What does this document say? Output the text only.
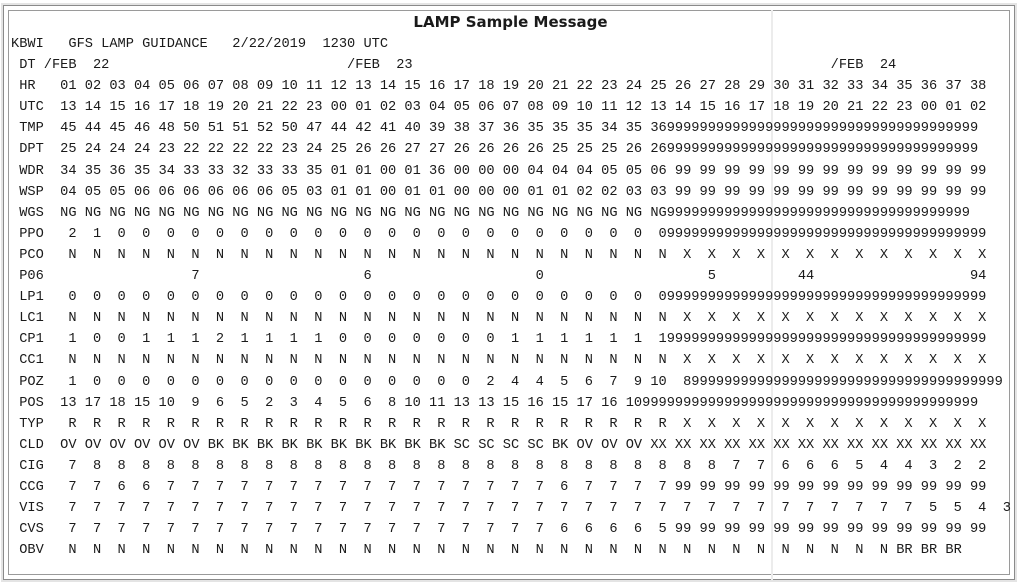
LAMP Sample Message
KBWI   GFS LAMP GUIDANCE   2/22/2019  1230 UTC
DT /FEB  22                             /FEB  23                                                   /FEB  24
HR   01 02 03 04 05 06 07 08 09 10 11 12 13 14 15 16 17 18 19 20 21 22 23 24 25 26 27 28 29 30 31 32 33 34 35 36 37 38
UTC  13 14 15 16 17 18 19 20 21 22 23 00 01 02 03 04 05 06 07 08 09 10 11 12 13 14 15 16 17 18 19 20 21 22 23 00 01 02
TMP  45 44 45 46 48 50 51 51 52 50 47 44 42 41 40 39 38 37 36 35 35 35 34 35 3699999999999999999999999999999999999999
DPT  25 24 24 24 23 22 22 22 22 23 24 25 26 26 27 27 26 26 26 26 25 25 25 26 2699999999999999999999999999999999999999
WDR  34 35 36 35 34 33 33 32 33 33 35 01 01 00 01 36 00 00 00 04 04 04 05 05 06 99 99 99 99 99 99 99 99 99 99 99 99 99
WSP  04 05 05 06 06 06 06 06 06 05 03 01 01 00 01 01 00 00 00 01 01 02 02 03 03 99 99 99 99 99 99 99 99 99 99 99 99 99
WGS  NG NG NG NG NG NG NG NG NG NG NG NG NG NG NG NG NG NG NG NG NG NG NG NG NG9999999999999999999999999999999999999
PPO   2  1  0  0  0  0  0  0  0  0  0  0  0  0  0  0  0  0  0  0  0  0  0  0  0999999999999999999999999999999999999999
PCO   N  N  N  N  N  N  N  N  N  N  N  N  N  N  N  N  N  N  N  N  N  N  N  N  N  X  X  X  X  X  X  X  X  X  X  X  X  X
P06                  7                    6                    0                    5          44                   94
LP1   0  0  0  0  0  0  0  0  0  0  0  0  0  0  0  0  0  0  0  0  0  0  0  0  0999999999999999999999999999999999999999
LC1   N  N  N  N  N  N  N  N  N  N  N  N  N  N  N  N  N  N  N  N  N  N  N  N  N  X  X  X  X  X  X  X  X  X  X  X  X  X
CP1   1  0  0  1  1  1  2  1  1  1  1  0  0  0  0  0  0  0  1  1  1  1  1  1  1999999999999999999999999999999999999999
CC1   N  N  N  N  N  N  N  N  N  N  N  N  N  N  N  N  N  N  N  N  N  N  N  N  N  X  X  X  X  X  X  X  X  X  X  X  X  X
POZ   1  0  0  0  0  0  0  0  0  0  0  0  0  0  0  0  0  2  4  4  5  6  7  9 10  899999999999999999999999999999999999999
POS  13 17 18 15 10  9  6  5  2  3  4  5  6  8 10 11 13 13 15 16 15 17 16 1099999999999999999999999999999999999999999
TYP   R  R  R  R  R  R  R  R  R  R  R  R  R  R  R  R  R  R  R  R  R  R  R  R  R  X  X  X  X  X  X  X  X  X  X  X  X  X
CLD  OV OV OV OV OV OV BK BK BK BK BK BK BK BK BK BK SC SC SC SC BK OV OV OV XX XX XX XX XX XX XX XX XX XX XX XX XX XX
CIG   7  8  8  8  8  8  8  8  8  8  8  8  8  8  8  8  8  8  8  8  8  8  8  8  8  8  8  7  7  6  6  6  5  4  4  3  2  2
CCG   7  7  6  6  7  7  7  7  7  7  7  7  7  7  7  7  7  7  7  7  6  7  7  7  7 99 99 99 99 99 99 99 99 99 99 99 99 99
VIS   7  7  7  7  7  7  7  7  7  7  7  7  7  7  7  7  7  7  7  7  7  7  7  7  7  7  7  7  7  7  7  7  7  7  7  5  5  4  3
CVS   7  7  7  7  7  7  7  7  7  7  7  7  7  7  7  7  7  7  7  7  6  6  6  6  5 99 99 99 99 99 99 99 99 99 99 99 99 99
OBV   N  N  N  N  N  N  N  N  N  N  N  N  N  N  N  N  N  N  N  N  N  N  N  N  N  N  N  N  N  N  N  N  N  N BR BR BR
